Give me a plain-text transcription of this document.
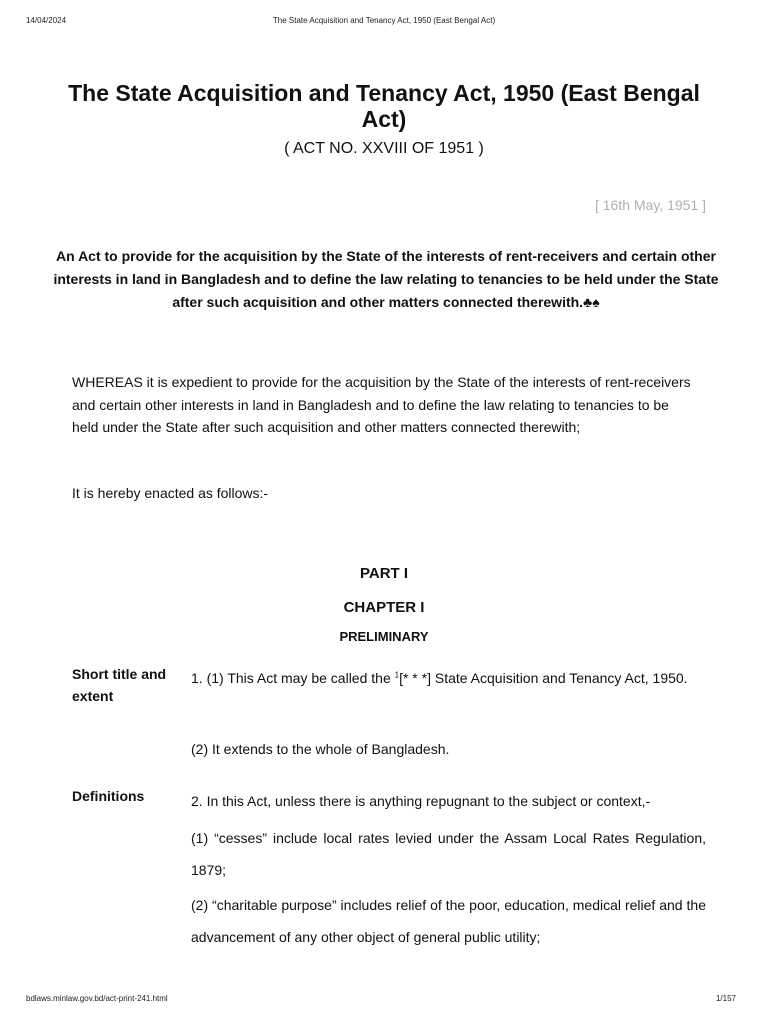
14/04/2024	The State Acquisition and Tenancy Act, 1950 (East Bengal Act)
The State Acquisition and Tenancy Act, 1950 (East Bengal Act)
( ACT NO. XXVIII OF 1951 )
[ 16th May, 1951 ]
An Act to provide for the acquisition by the State of the interests of rent-receivers and certain other interests in land in Bangladesh and to define the law relating to tenancies to be held under the State after such acquisition and other matters connected therewith.♣♠
WHEREAS it is expedient to provide for the acquisition by the State of the interests of rent-receivers and certain other interests in land in Bangladesh and to define the law relating to tenancies to be held under the State after such acquisition and other matters connected therewith;
It is hereby enacted as follows:-
PART I
CHAPTER I
PRELIMINARY
Short title and extent

1. (1) This Act may be called the $^1$[* * *] State Acquisition and Tenancy Act, 1950.

(2) It extends to the whole of Bangladesh.

Definitions	2. In this Act, unless there is anything repugnant to the subject or context,-

(1) “cesses” include local rates levied under the Assam Local Rates Regulation, 1879;

(2) “charitable purpose” includes relief of the poor, education, medical relief and the advancement of any other object of general public utility;

bdlaws.minlaw.gov.bd/act-print-241.html	1/157
